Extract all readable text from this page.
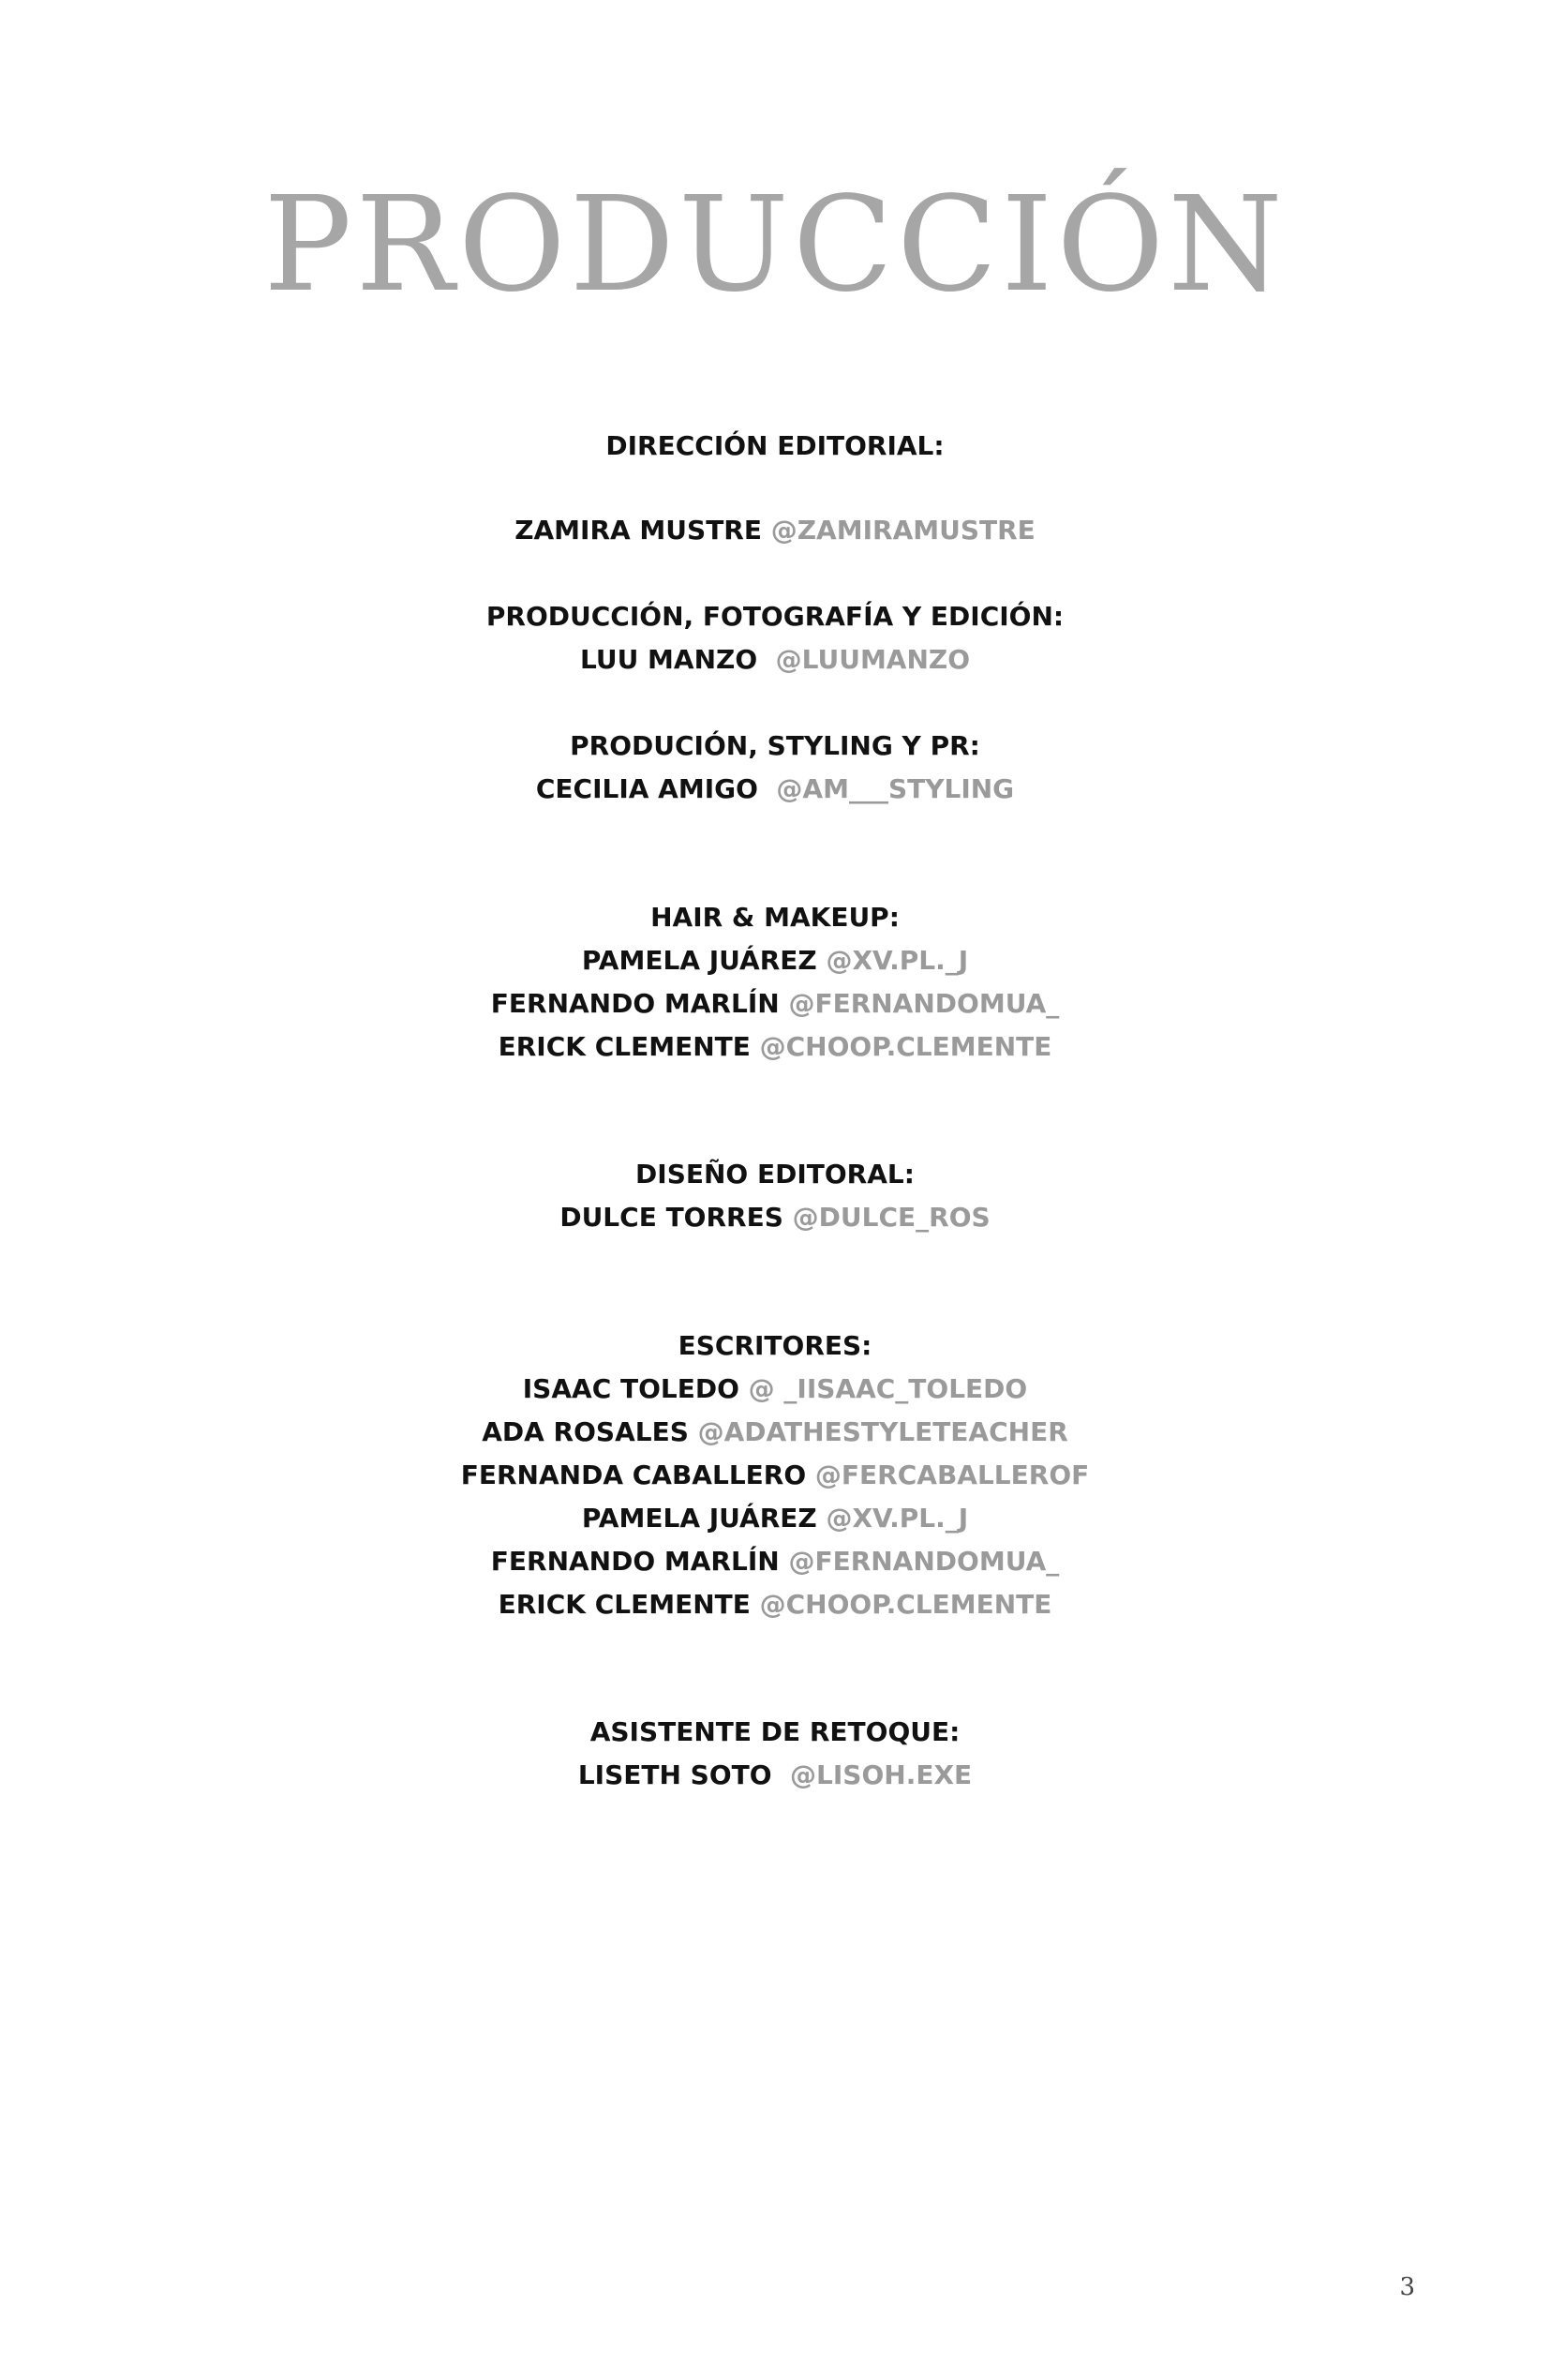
PRODUCCIÓN
DIRECCIÓN EDITORIAL:
ZAMIRA MUSTRE @ZAMIRAMUSTRE
PRODUCCIÓN, FOTOGRAFÍA Y EDICIÓN:
LUU MANZO @LUUMANZO
PRODUCIÓN, STYLING Y PR:
CECILIA AMIGO @AM___STYLING
HAIR & MAKEUP:
PAMELA JUÁREZ @XV.PL._J
FERNANDO MARLÍN @FERNANDOMUA_
ERICK CLEMENTE @CHOOP.CLEMENTE
DISEÑO EDITORAL:
DULCE TORRES @DULCE_ROS
ESCRITORES:
ISAAC TOLEDO @ _IISAAC_TOLEDO
ADA ROSALES @ADATHESTYLETEACHER
FERNANDA CABALLERO @FERCABALLEROF
PAMELA JUÁREZ @XV.PL._J
FERNANDO MARLÍN @FERNANDOMUA_
ERICK CLEMENTE @CHOOP.CLEMENTE
ASISTENTE DE RETOQUE:
LISETH SOTO @LISOH.EXE
3
